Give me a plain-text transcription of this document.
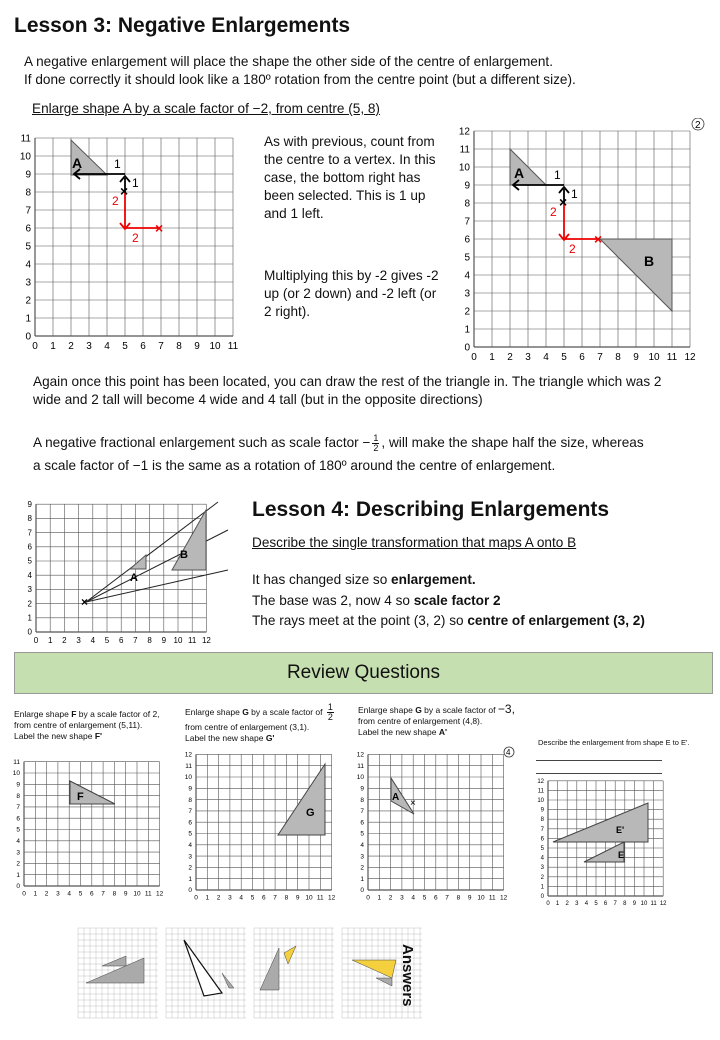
Lesson 3: Negative Enlargements

A negative enlargement will place the shape the other side of the centre of enlargement.

If done correctly it should look like a 180º rotation from the centre point (but a different size).

Enlarge shape A by a scale factor of −2, from centre (5, 8)

0 1 2 3 4 5 6 7 8 9 10 11
0
1
2
3
4
5
6
7
8
9
10
11
A	1
1
2
2
×
×

As with previous, count from the centre to a vertex. In this case, the bottom right has been selected. This is 1 up and 1 left.

Multiplying this by -2 gives -2 up (or 2 down) and -2 left (or 2 right).

0 1 2 3 4 5 6 7 8 9 10 11 12
0
1
2
3
4
5
6
7
8
9
10
11
12
A
B
1
1
2
2
×
×
2

Again once this point has been located, you can draw the rest of the triangle in. The triangle which was 2 wide and 2 tall will become 4 wide and 4 tall (but in the opposite directions)

A negative fractional enlargement such as scale factor − $\frac{1}{2}$ , will make the shape half the size, whereas

a scale factor of −1 is the same as a rotation of 180º around the centre of enlargement.

0 1 2 3 4 5 6 7 8 9 10 11 12
0
1
2
3
4
5
6
7
8
9
A
B
×
Lesson 4: Describing Enlargements

Describe the single transformation that maps A onto B

It has changed size so enlargement.

The base was 2, now 4 so scale factor 2

The rays meet at the point (3, 2) so centre of enlargement (3, 2)

Review Questions
Enlarge shape F by a scale factor of 2,
from centre of enlargement (5,11).
Label the new shape F'
Enlarge shape G by a scale factor of $\frac{1}{2}$

from centre of enlargement (3,1).
Label the new shape G'
Enlarge shape G by a scale factor of −3,
from centre of enlargement (4,8).
Label the new shape A'
Describe the enlargement from shape E to E'.
0 1 2 3 4 5 6 7 8 9 10 11 12
0
1
2
3
4
5
6
7
8
9
10
11
F
0 1 2 3 4 5 6 7 8 9 10 11 12
0
1
2
3
4
5
6
7
8
9
10
11
12
G
0 1 2 3 4 5 6 7 8 9 10 11 12
0
1
2
3
4
5
6
7
8
9
10
11
12
A
×
4
0 1 2 3 4 5 6 7 8 9 10 11 12
0
1
2
3
4
5
6
7
8
9
10
11
12
E'
E
Answers
